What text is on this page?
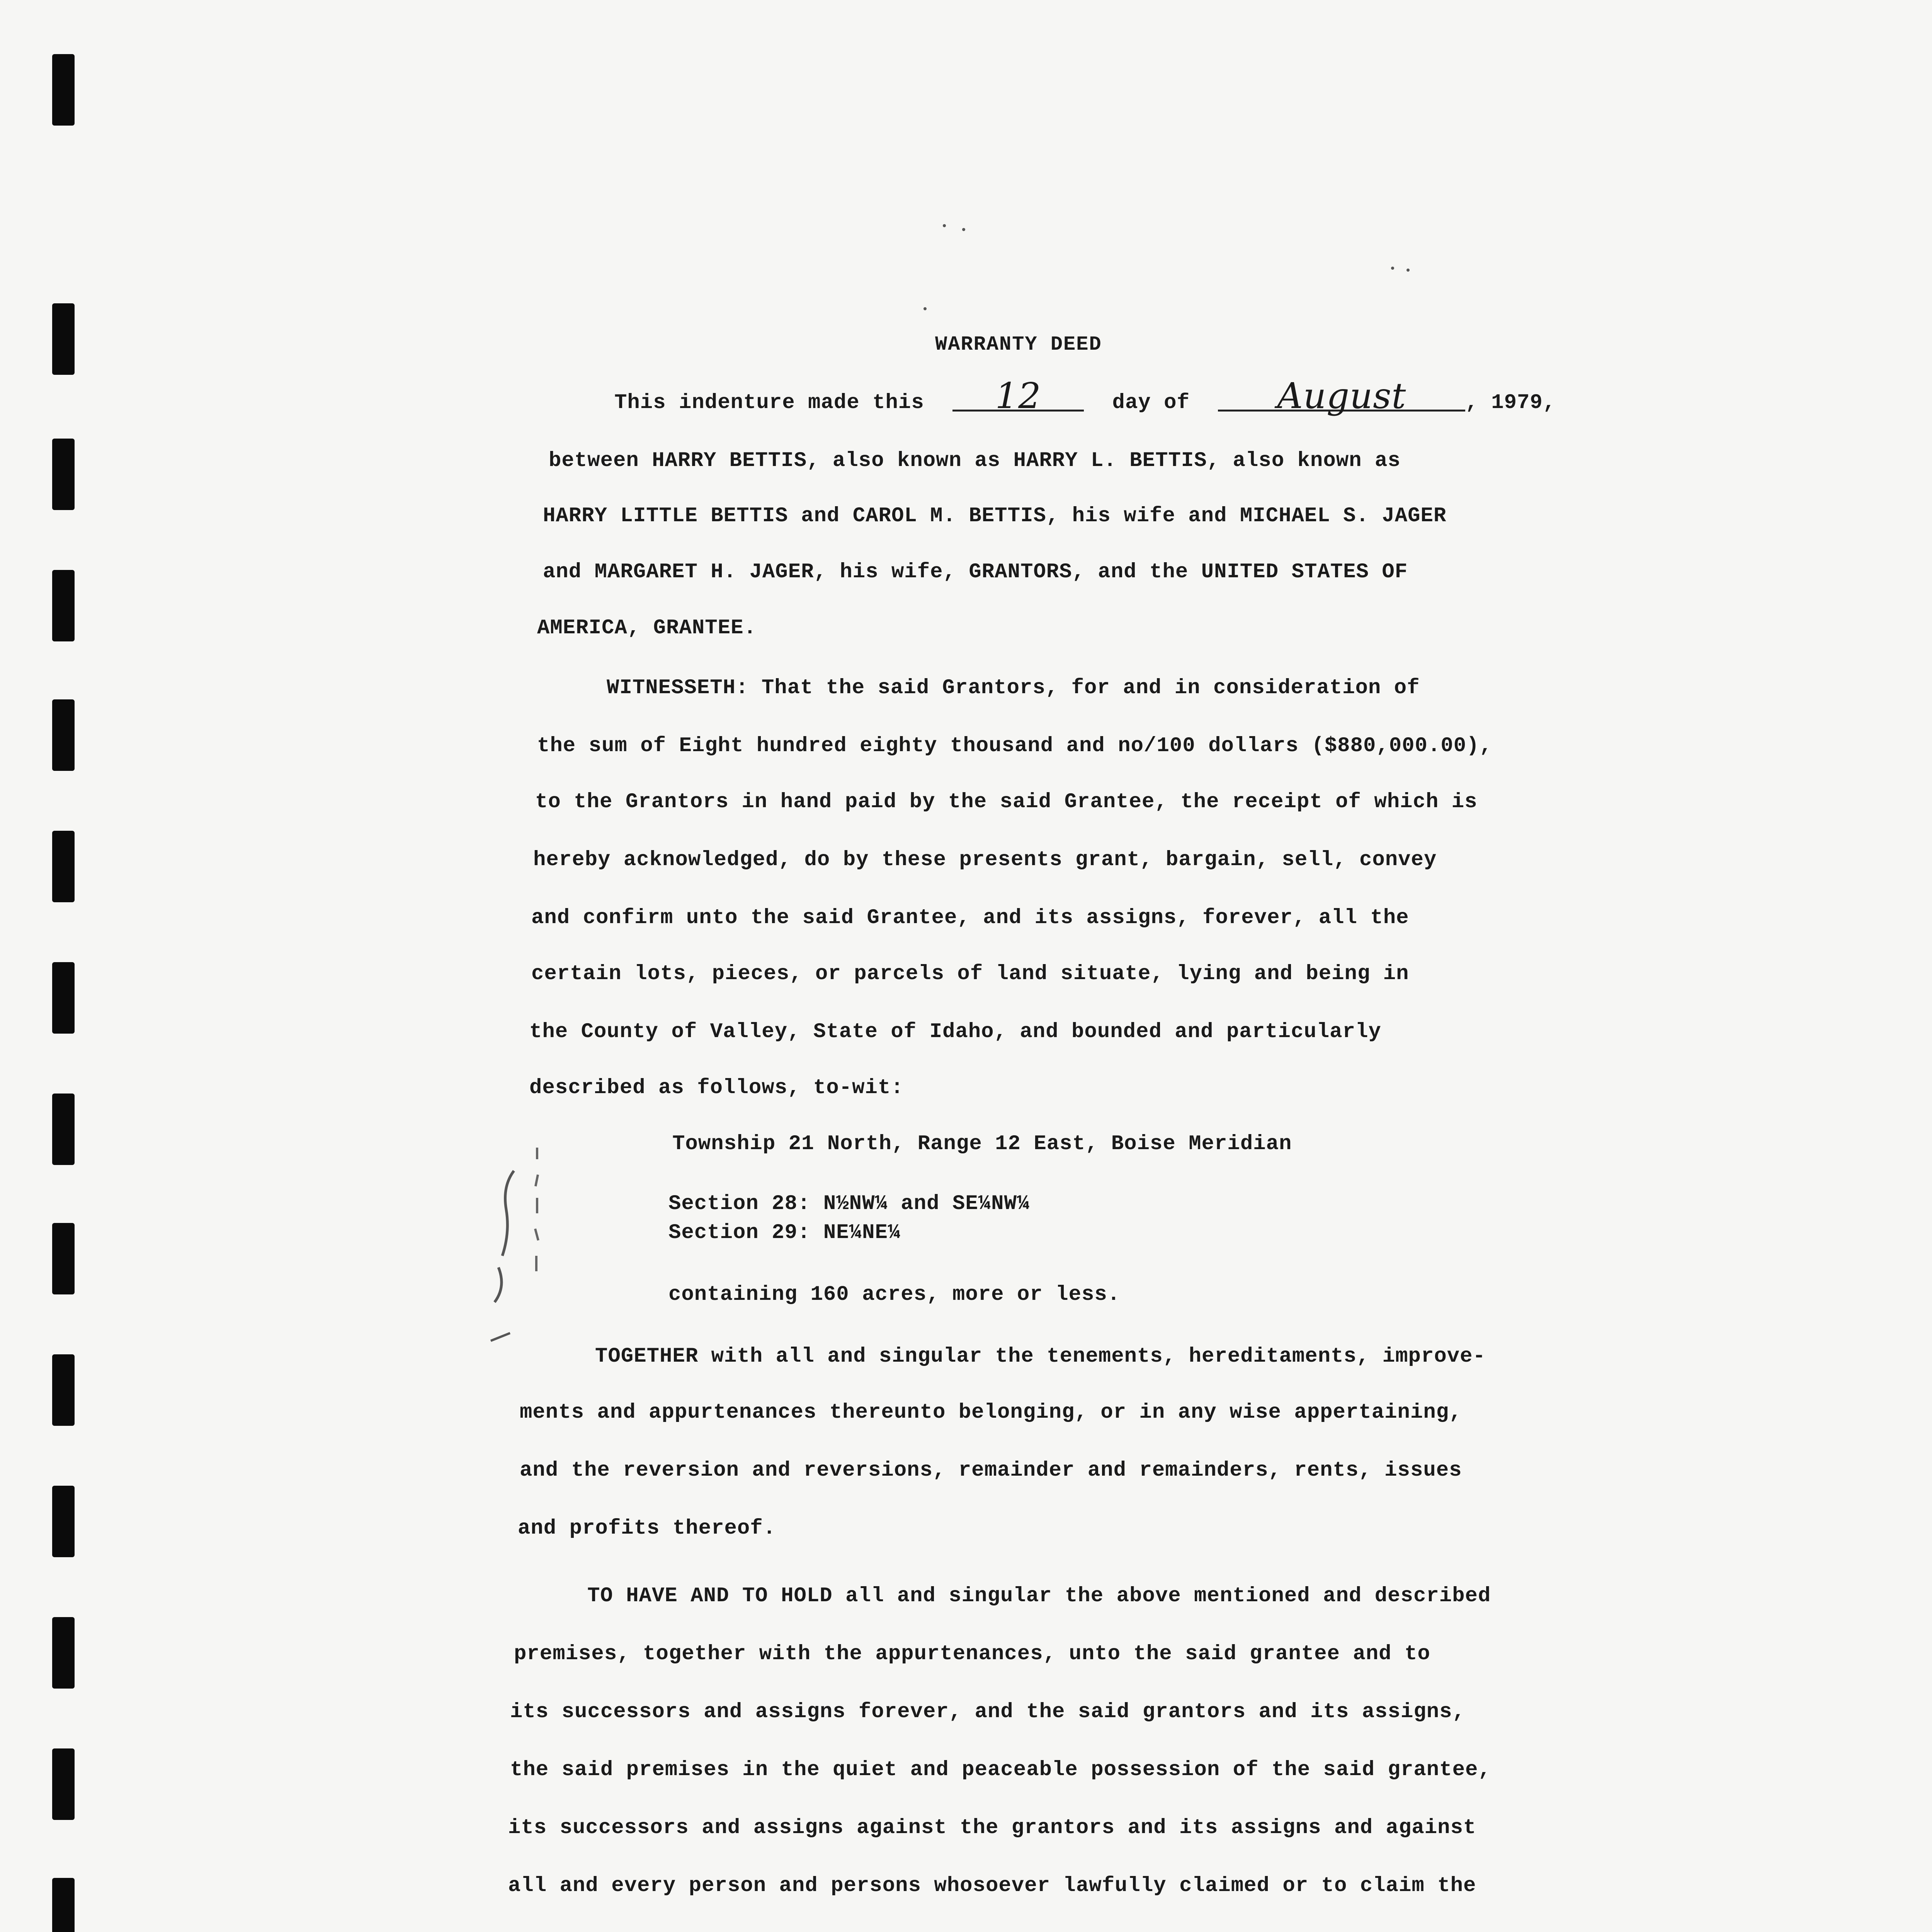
WARRANTY DEED
This indenture made this 12	day of August	, 1979,
between HARRY BETTIS, also known as HARRY L. BETTIS, also known as
HARRY LITTLE BETTIS and CAROL M. BETTIS, his wife and MICHAEL S. JAGER
and MARGARET H. JAGER, his wife, GRANTORS, and the UNITED STATES OF
AMERICA, GRANTEE.
WITNESSETH: That the said Grantors, for and in consideration of
the sum of Eight hundred eighty thousand and no/100 dollars ($880,000.00),
to the Grantors in hand paid by the said Grantee, the receipt of which is
hereby acknowledged, do by these presents grant, bargain, sell, convey
and confirm unto the said Grantee, and its assigns, forever, all the
certain lots, pieces, or parcels of land situate, lying and being in
the County of Valley, State of Idaho, and bounded and particularly
described as follows, to-wit:
Township 21 North, Range 12 East, Boise Meridian
Section 28: N½NW¼ and SE¼NW¼
Section 29: NE¼NE¼
containing 160 acres, more or less.
TOGETHER with all and singular the tenements, hereditaments, improve-
ments and appurtenances thereunto belonging, or in any wise appertaining,
and the reversion and reversions, remainder and remainders, rents, issues
and profits thereof.
TO HAVE AND TO HOLD all and singular the above mentioned and described
premises, together with the appurtenances, unto the said grantee and to
its successors and assigns forever, and the said grantors and its assigns,
the said premises in the quiet and peaceable possession of the said grantee,
its successors and assigns against the grantors and its assigns and against
all and every person and persons whosoever lawfully claimed or to claim the
